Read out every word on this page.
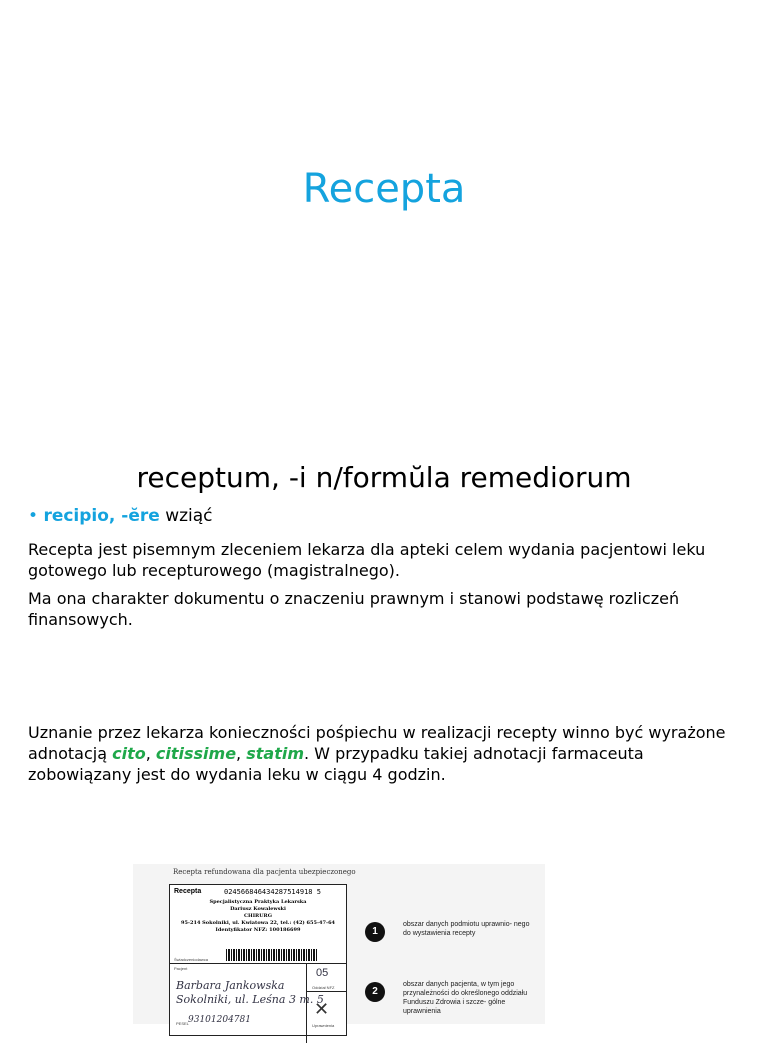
Recepta
receptum, -i n/formŭla remediorum
• recipio, -ĕre wziąć
Recepta jest pisemnym zleceniem lekarza dla apteki celem wydania pacjentowi leku gotowego lub recepturowego (magistralnego).
Ma ona charakter dokumentu o znaczeniu prawnym i stanowi podstawę rozliczeń finansowych.
Uznanie przez lekarza konieczności pośpiechu w realizacji recepty winno być wyrażone adnotacją cito, citissime, statim. W przypadku takiej adnotacji farmaceuta zobowiązany jest do wydania leku w ciągu 4 godzin.
Recepta refundowana dla pacjenta ubezpieczonego
Recepta	02456684643428751491​8 5
Specjalistyczna Praktyka Lekarska
Dariusz Kowalewski
CHIRURG
95-214 Sokolniki, ul. Kwiatowa 22, tel.: (42) 655-47-64
Identyfikator NFZ: 100186699
Świadczeniodawca
Pacjent
Barbara Jankowska
Sokolniki, ul. Leśna 3 m. 5
PESEL 93101204781
05
Oddział NFZ
✕
Uprawnienia
1
obszar danych podmiotu uprawnio- nego do wystawienia recepty
2
obszar danych pacjenta, w tym jego przynależności do określonego oddziału Funduszu Zdrowia i szcze- gólne uprawnienia
